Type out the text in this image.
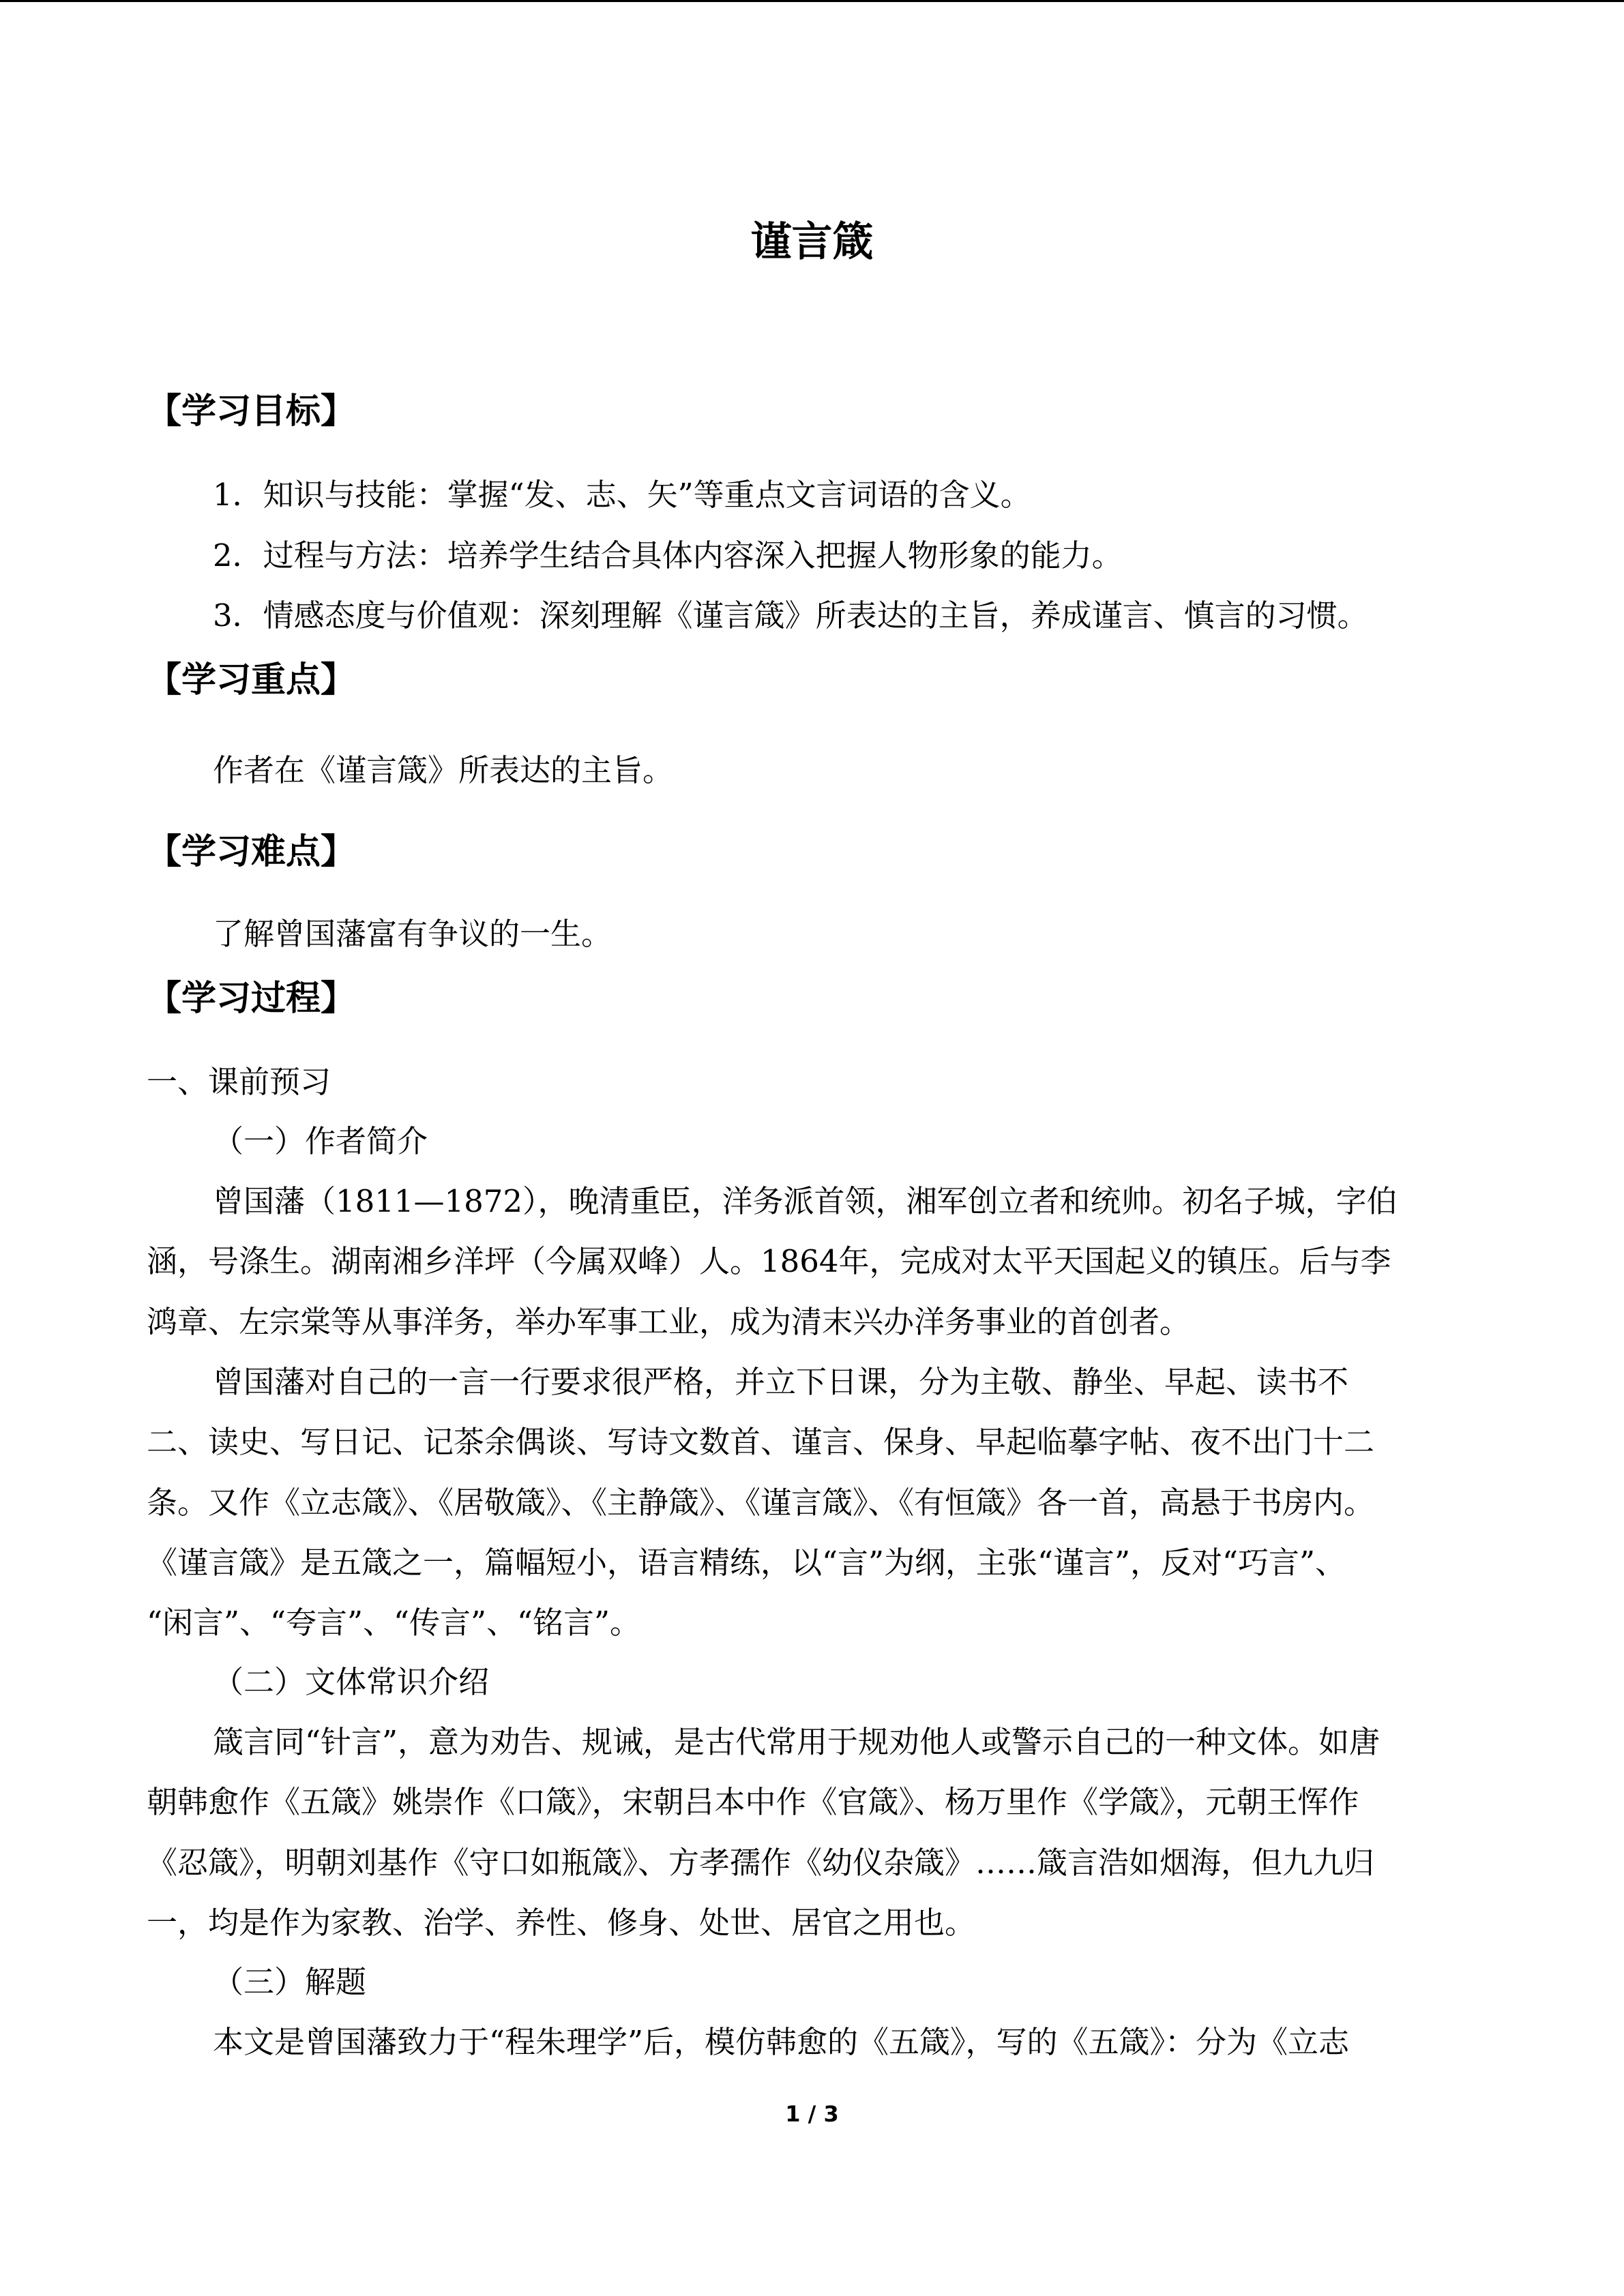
谨言箴
【学习目标】
1．知识与技能：掌握“发、志、矢”等重点文言词语的含义。
2．过程与方法：培养学生结合具体内容深入把握人物形象的能力。
3．情感态度与价值观：深刻理解《谨言箴》所表达的主旨，养成谨言、慎言的习惯。
【学习重点】
作者在《谨言箴》所表达的主旨。
【学习难点】
了解曾国藩富有争议的一生。
【学习过程】
一、课前预习
（一）作者简介
曾国藩（1811—1872），晚清重臣，洋务派首领，湘军创立者和统帅。初名子城，字伯
涵，号涤生。湖南湘乡洋坪（今属双峰）人。1864年，完成对太平天国起义的镇压。后与李
鸿章、左宗棠等从事洋务，举办军事工业，成为清末兴办洋务事业的首创者。
曾国藩对自己的一言一行要求很严格，并立下日课，分为主敬、静坐、早起、读书不
二、读史、写日记、记茶余偶谈、写诗文数首、谨言、保身、早起临摹字帖、夜不出门十二
条。又作《立志箴》、《居敬箴》、《主静箴》、《谨言箴》、《有恒箴》各一首，高悬于书房内。
《谨言箴》是五箴之一，篇幅短小，语言精练，以“言”为纲，主张“谨言”，反对“巧言”、
“闲言”、“夸言”、“传言”、“铭言”。
（二）文体常识介绍
箴言同“针言”，意为劝告、规诫，是古代常用于规劝他人或警示自己的一种文体。如唐
朝韩愈作《五箴》姚崇作《口箴》，宋朝吕本中作《官箴》、杨万里作《学箴》，元朝王恽作
《忍箴》，明朝刘基作《守口如瓶箴》、方孝孺作《幼仪杂箴》……箴言浩如烟海，但九九归
一，均是作为家教、治学、养性、修身、处世、居官之用也。
（三）解题
本文是曾国藩致力于“程朱理学”后，模仿韩愈的《五箴》，写的《五箴》：分为《立志
1 / 3
